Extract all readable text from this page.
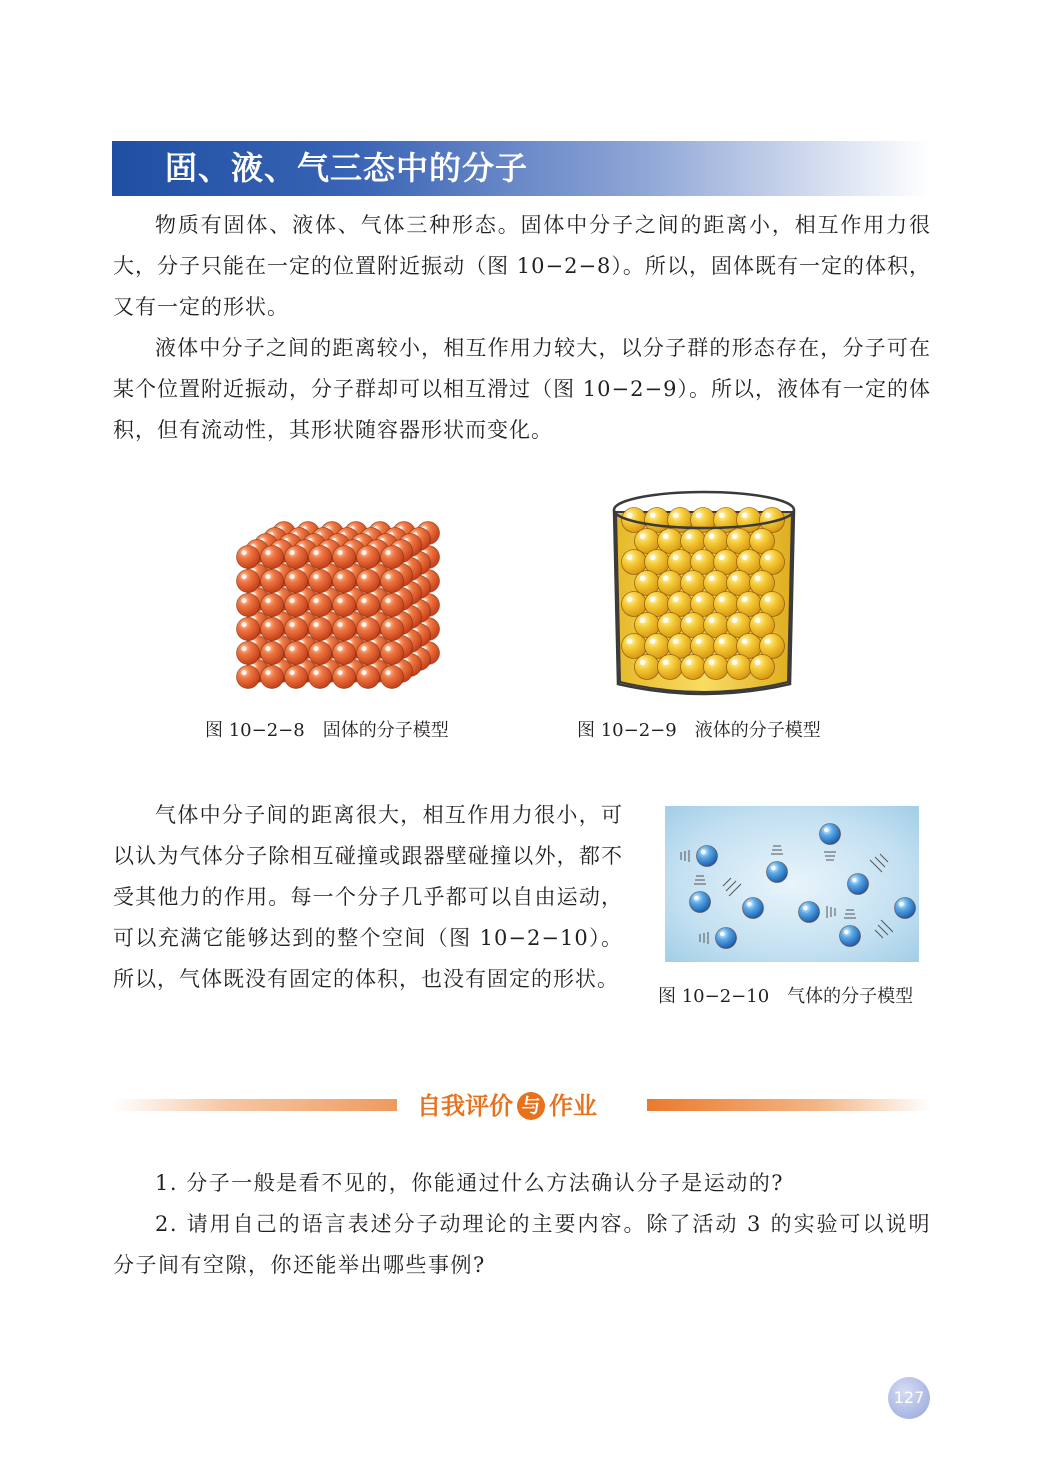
固、液、气三态中的分子

物质有固体、液体、气体三种形态。固体中分子之间的距离小，相互作用力很大，分子只能在一定的位置附近振动（图 10−2−8）。所以，固体既有一定的体积，又有一定的形状。

液体中分子之间的距离较小，相互作用力较大，以分子群的形态存在，分子可在某个位置附近振动，分子群却可以相互滑过（图 10−2−9）。所以，液体有一定的体积，但有流动性，其形状随容器形状而变化。

图 10−2−8 固体的分子模型	图 10−2−9 液体的分子模型

气体中分子间的距离很大，相互作用力很小，可以认为气体分子除相互碰撞或跟器壁碰撞以外，都不受其他力的作用。每一个分子几乎都可以自由运动，可以充满它能够达到的整个空间（图 10−2−10）。所以，气体既没有固定的体积，也没有固定的形状。

图 10−2−10 气体的分子模型
自我评价 与 作业

1. 分子一般是看不见的，你能通过什么方法确认分子是运动的?

2. 请用自己的语言表述分子动理论的主要内容。除了活动 3 的实验可以说明分子间有空隙，你还能举出哪些事例?

127
